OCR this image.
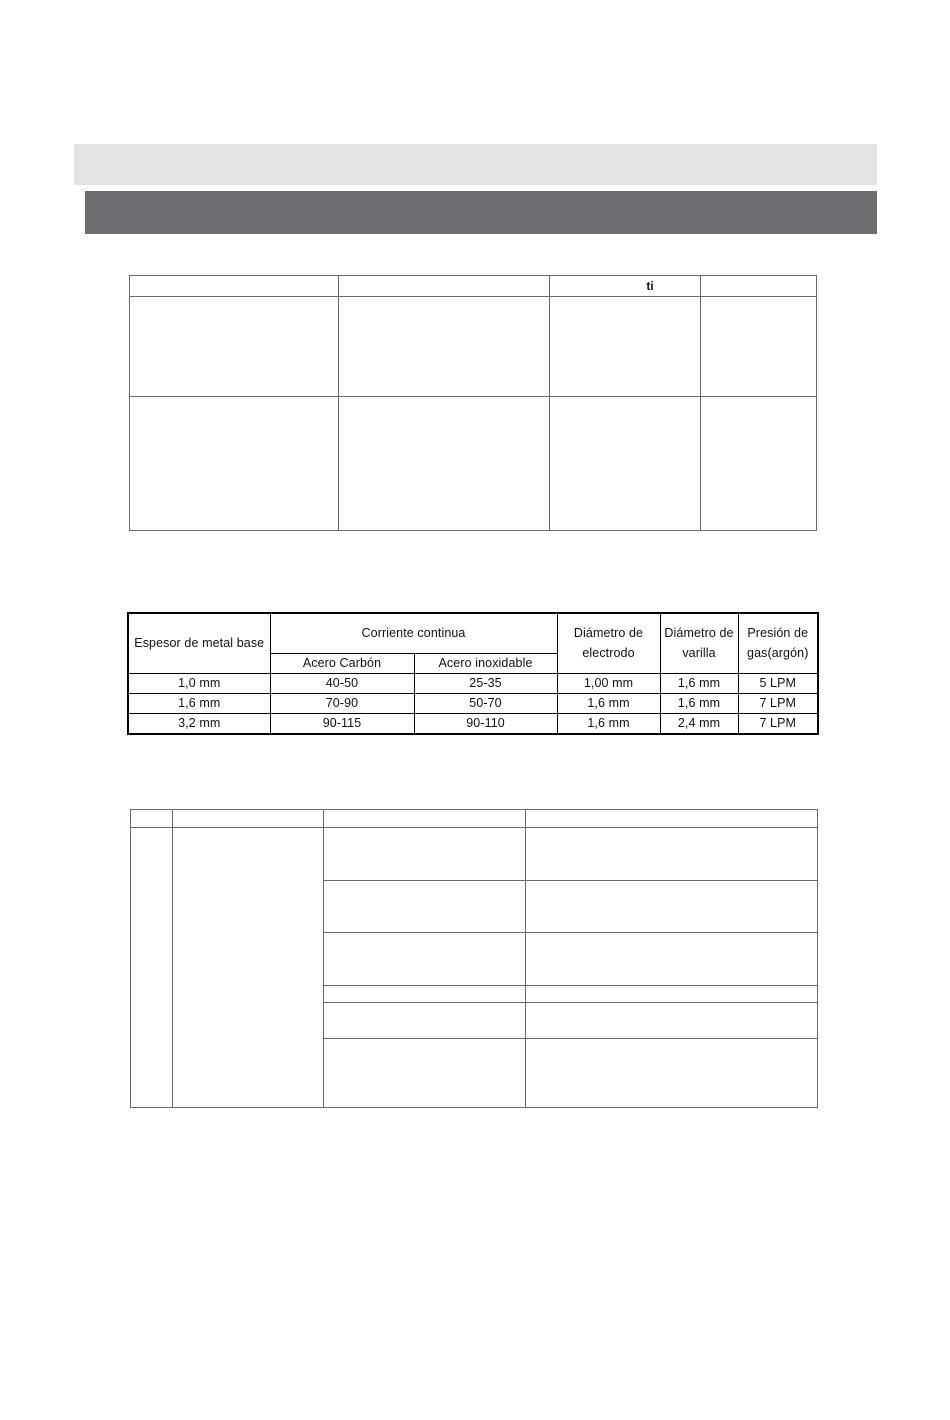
		ti	

Espesor de metal base	Corriente continua		Diámetro de electrodo	Diámetro de varilla	Presión de gas(argón)
	Acero Carbón	Acero inoxidable			
1,0 mm	40-50	25-35	1,00 mm	1,6 mm	5 LPM
1,6 mm	70-90	50-70	1,6 mm	1,6 mm	7 LPM
3,2 mm	90-115	90-110	1,6 mm	2,4 mm	7 LPM
